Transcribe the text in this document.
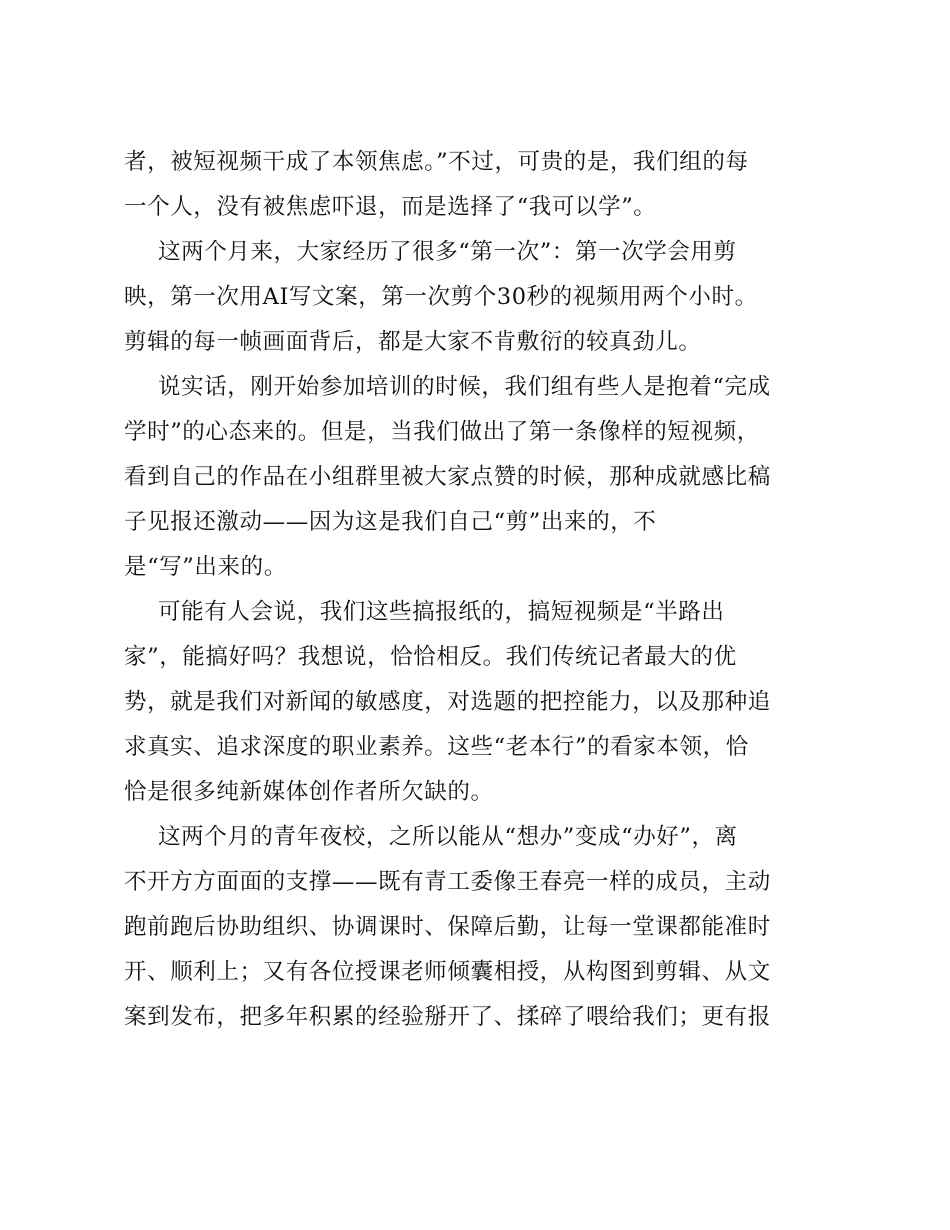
者，被短视频干成了本领焦虑。”不过，可贵的是，我们组的每
一个人，没有被焦虑吓退，而是选择了“我可以学”。
这两个月来，大家经历了很多“第一次”：第一次学会用剪
映，第一次用AI写文案，第一次剪个30秒的视频用两个小时。
剪辑的每一帧画面背后，都是大家不肯敷衍的较真劲儿。
说实话，刚开始参加培训的时候，我们组有些人是抱着“完成
学时”的心态来的。但是，当我们做出了第一条像样的短视频，
看到自己的作品在小组群里被大家点赞的时候，那种成就感比稿
子见报还激动——因为这是我们自己“剪”出来的，不
是“写”出来的。
可能有人会说，我们这些搞报纸的，搞短视频是“半路出
家”，能搞好吗？我想说，恰恰相反。我们传统记者最大的优
势，就是我们对新闻的敏感度，对选题的把控能力，以及那种追
求真实、追求深度的职业素养。这些“老本行”的看家本领，恰
恰是很多纯新媒体创作者所欠缺的。
这两个月的青年夜校，之所以能从“想办”变成“办好”，离
不开方方面面的支撑——既有青工委像王春亮一样的成员，主动
跑前跑后协助组织、协调课时、保障后勤，让每一堂课都能准时
开、顺利上；又有各位授课老师倾囊相授，从构图到剪辑、从文
案到发布，把多年积累的经验掰开了、揉碎了喂给我们；更有报
